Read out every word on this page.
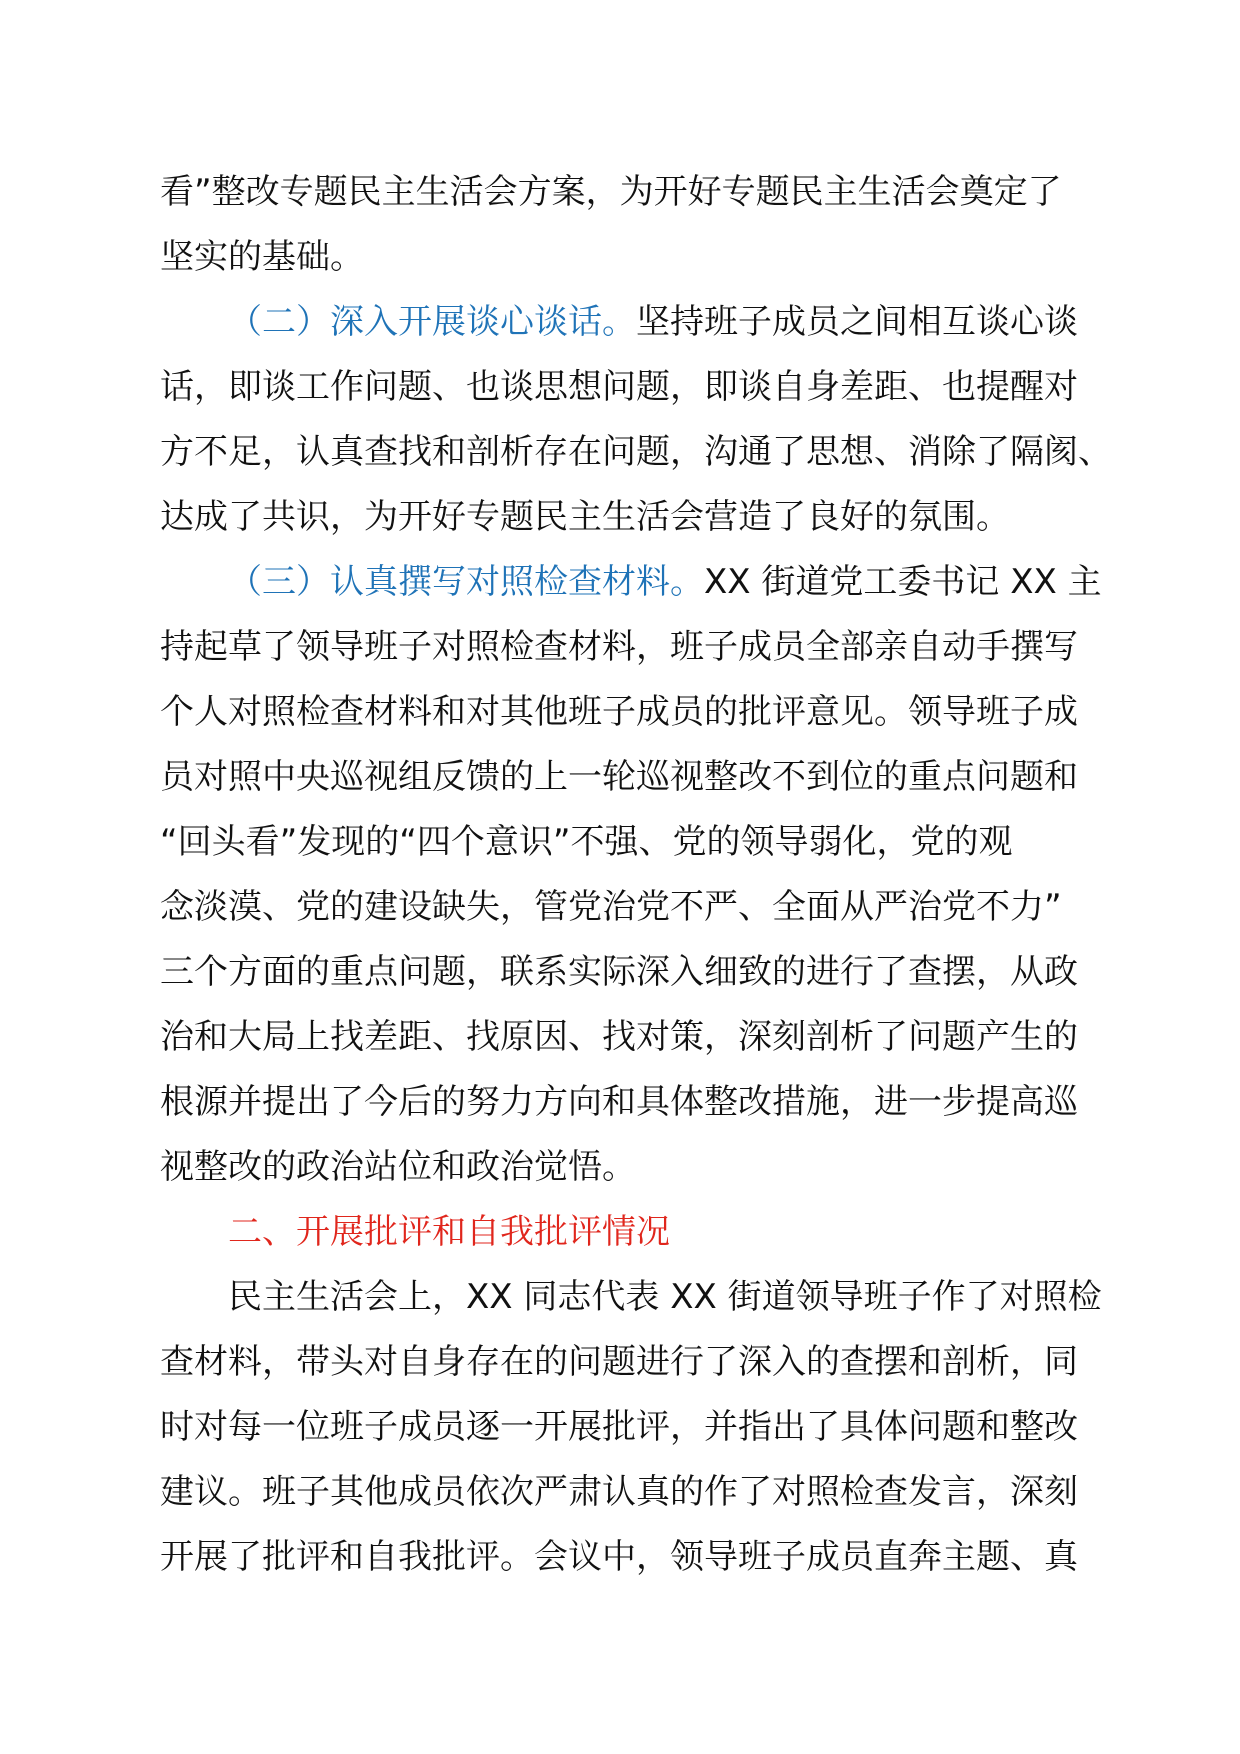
看”整改专题民主生活会方案，为开好专题民主生活会奠定了
坚实的基础。
（二）深入开展谈心谈话。坚持班子成员之间相互谈心谈
话，即谈工作问题、也谈思想问题，即谈自身差距、也提醒对
方不足，认真查找和剖析存在问题，沟通了思想、消除了隔阂、
达成了共识，为开好专题民主生活会营造了良好的氛围。
（三）认真撰写对照检查材料。XX 街道党工委书记 XX 主
持起草了领导班子对照检查材料，班子成员全部亲自动手撰写
个人对照检查材料和对其他班子成员的批评意见。领导班子成
员对照中央巡视组反馈的上一轮巡视整改不到位的重点问题和
“回头看”发现的“四个意识”不强、党的领导弱化，党的观
念淡漠、党的建设缺失，管党治党不严、全面从严治党不力”
三个方面的重点问题，联系实际深入细致的进行了查摆，从政
治和大局上找差距、找原因、找对策，深刻剖析了问题产生的
根源并提出了今后的努力方向和具体整改措施，进一步提高巡
视整改的政治站位和政治觉悟。
二、开展批评和自我批评情况
民主生活会上，XX 同志代表 XX 街道领导班子作了对照检
查材料，带头对自身存在的问题进行了深入的查摆和剖析，同
时对每一位班子成员逐一开展批评，并指出了具体问题和整改
建议。班子其他成员依次严肃认真的作了对照检查发言，深刻
开展了批评和自我批评。会议中，领导班子成员直奔主题、真
